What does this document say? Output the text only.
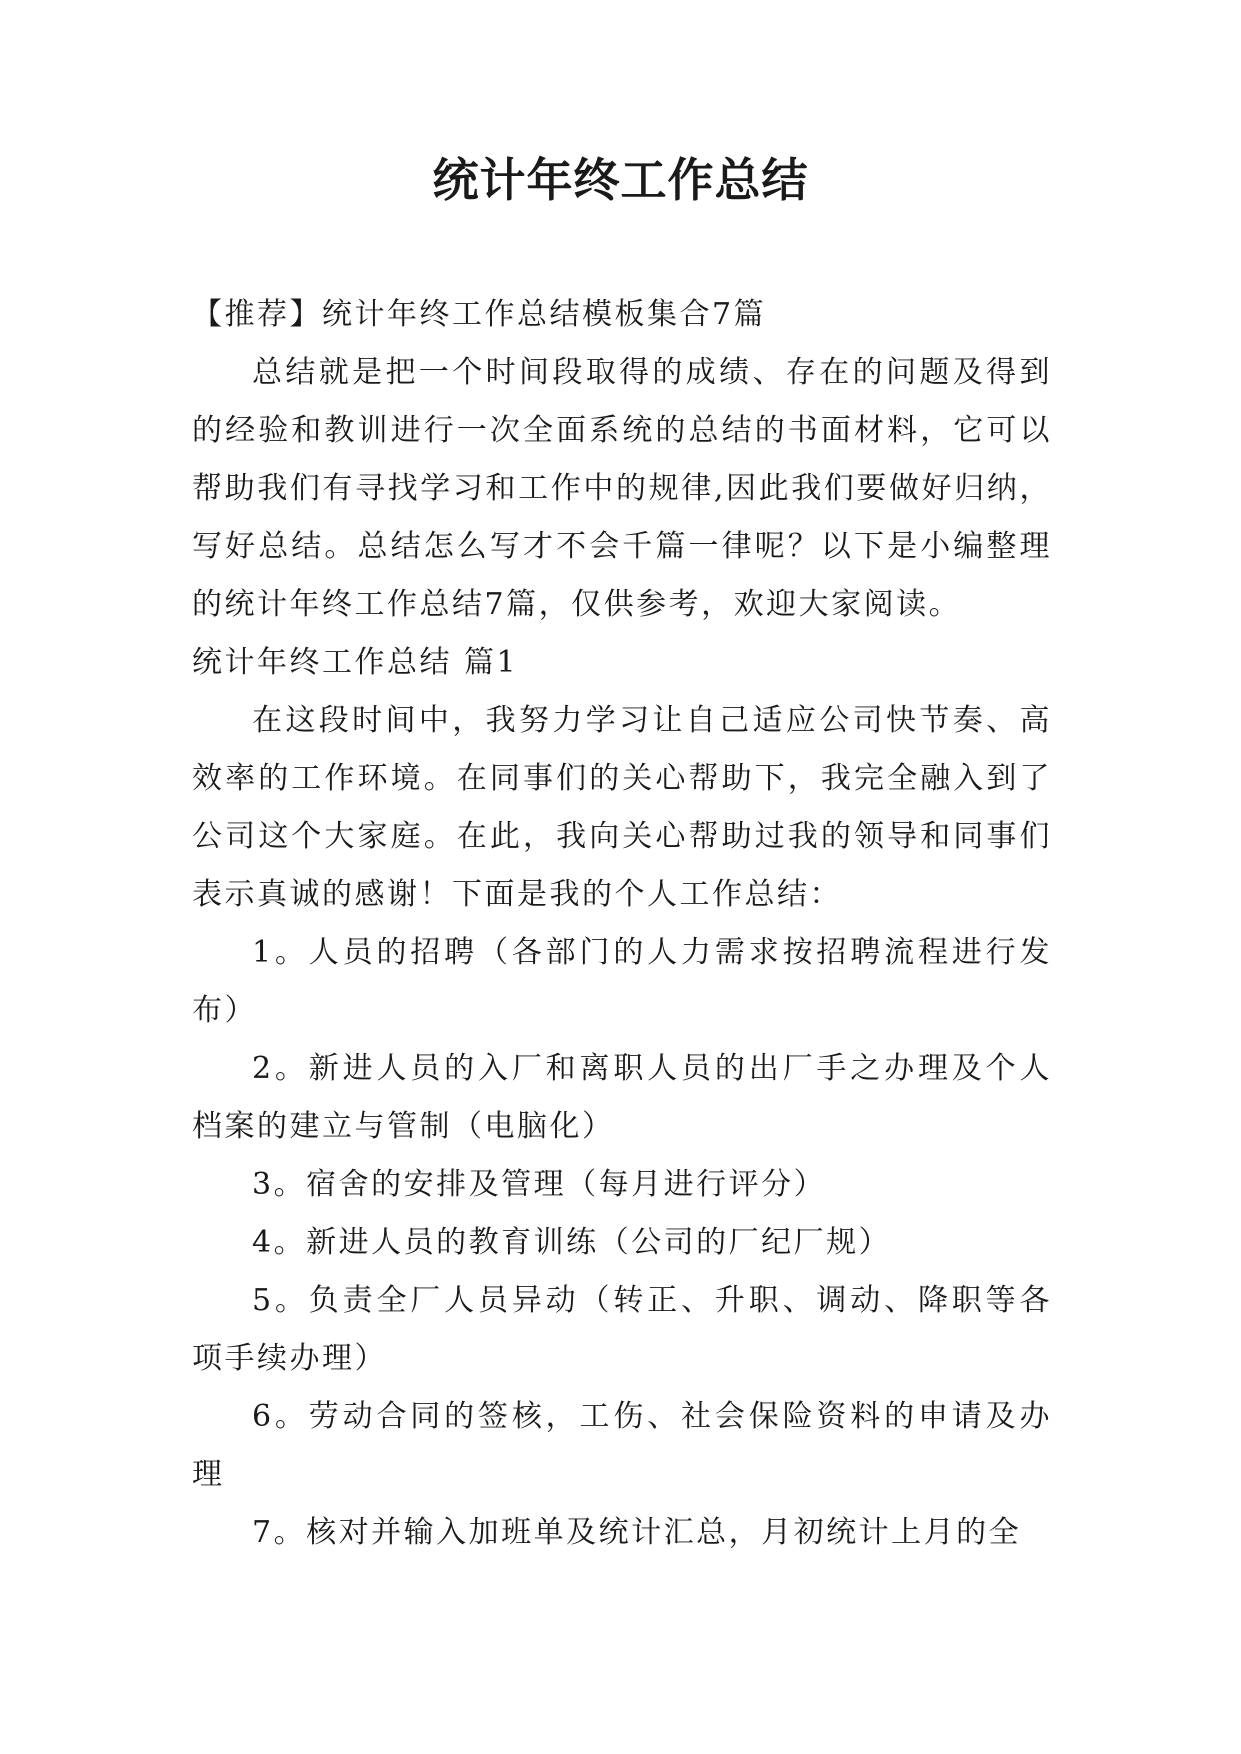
统计年终工作总结

【推荐】统计年终工作总结模板集合7篇

总结就是把一个时间段取得的成绩、存在的问题及得到的经验和教训进行一次全面系统的总结的书面材料，它可以帮助我们有寻找学习和工作中的规律,因此我们要做好归纳，写好总结。总结怎么写才不会千篇一律呢？以下是小编整理的统计年终工作总结7篇，仅供参考，欢迎大家阅读。

统计年终工作总结 篇1

在这段时间中，我努力学习让自己适应公司快节奏、高效率的工作环境。在同事们的关心帮助下，我完全融入到了公司这个大家庭。在此，我向关心帮助过我的领导和同事们表示真诚的感谢！下面是我的个人工作总结：

1。人员的招聘（各部门的人力需求按招聘流程进行发布）

2。新进人员的入厂和离职人员的出厂手之办理及个人档案的建立与管制（电脑化）

3。宿舍的安排及管理（每月进行评分）

4。新进人员的教育训练（公司的厂纪厂规）

5。负责全厂人员异动（转正、升职、调动、降职等各项手续办理）

6。劳动合同的签核，工伤、社会保险资料的申请及办理

7。核对并输入加班单及统计汇总，月初统计上月的全
